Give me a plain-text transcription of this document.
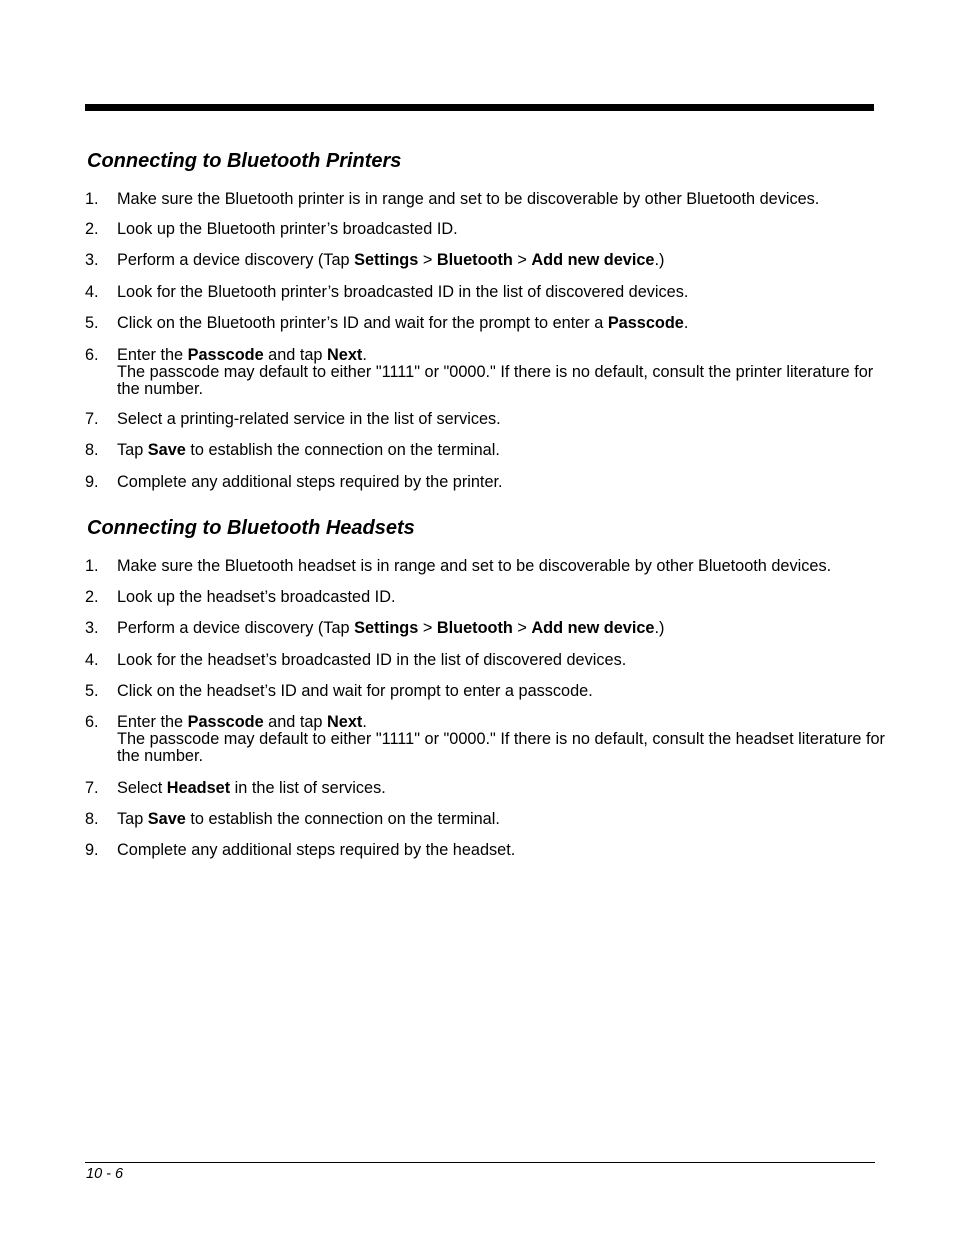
Connecting to Bluetooth Printers
1. Make sure the Bluetooth printer is in range and set to be discoverable by other Bluetooth devices.
2. Look up the Bluetooth printer’s broadcasted ID.
3. Perform a device discovery (Tap Settings > Bluetooth > Add new device.)
4. Look for the Bluetooth printer’s broadcasted ID in the list of discovered devices.
5. Click on the Bluetooth printer’s ID and wait for the prompt to enter a Passcode.
6. Enter the Passcode and tap Next.
The passcode may default to either "1111" or "0000." If there is no default, consult the printer literature for the number.
7. Select a printing-related service in the list of services.
8. Tap Save to establish the connection on the terminal.
9. Complete any additional steps required by the printer.
Connecting to Bluetooth Headsets
1. Make sure the Bluetooth headset is in range and set to be discoverable by other Bluetooth devices.
2. Look up the headset’s broadcasted ID.
3. Perform a device discovery (Tap Settings > Bluetooth > Add new device.)
4. Look for the headset’s broadcasted ID in the list of discovered devices.
5. Click on the headset’s ID and wait for prompt to enter a passcode.
6. Enter the Passcode and tap Next.
The passcode may default to either "1111" or "0000." If there is no default, consult the headset literature for the number.
7. Select Headset in the list of services.
8. Tap Save to establish the connection on the terminal.
9. Complete any additional steps required by the headset.
10 - 6
